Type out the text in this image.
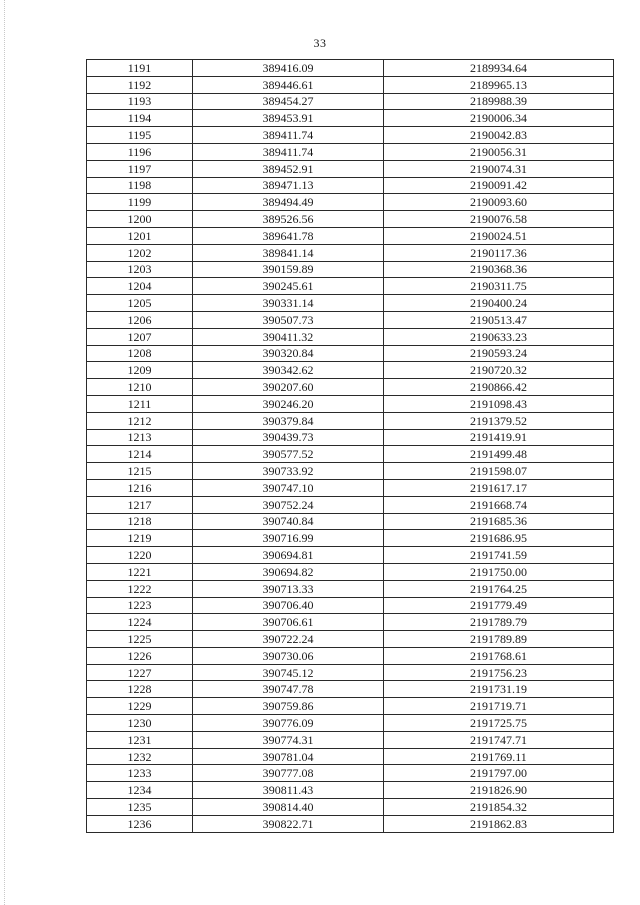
33
1191	389416.09	2189934.64
1192	389446.61	2189965.13
1193	389454.27	2189988.39
1194	389453.91	2190006.34
1195	389411.74	2190042.83
1196	389411.74	2190056.31
1197	389452.91	2190074.31
1198	389471.13	2190091.42
1199	389494.49	2190093.60
1200	389526.56	2190076.58
1201	389641.78	2190024.51
1202	389841.14	2190117.36
1203	390159.89	2190368.36
1204	390245.61	2190311.75
1205	390331.14	2190400.24
1206	390507.73	2190513.47
1207	390411.32	2190633.23
1208	390320.84	2190593.24
1209	390342.62	2190720.32
1210	390207.60	2190866.42
1211	390246.20	2191098.43
1212	390379.84	2191379.52
1213	390439.73	2191419.91
1214	390577.52	2191499.48
1215	390733.92	2191598.07
1216	390747.10	2191617.17
1217	390752.24	2191668.74
1218	390740.84	2191685.36
1219	390716.99	2191686.95
1220	390694.81	2191741.59
1221	390694.82	2191750.00
1222	390713.33	2191764.25
1223	390706.40	2191779.49
1224	390706.61	2191789.79
1225	390722.24	2191789.89
1226	390730.06	2191768.61
1227	390745.12	2191756.23
1228	390747.78	2191731.19
1229	390759.86	2191719.71
1230	390776.09	2191725.75
1231	390774.31	2191747.71
1232	390781.04	2191769.11
1233	390777.08	2191797.00
1234	390811.43	2191826.90
1235	390814.40	2191854.32
1236	390822.71	2191862.83
